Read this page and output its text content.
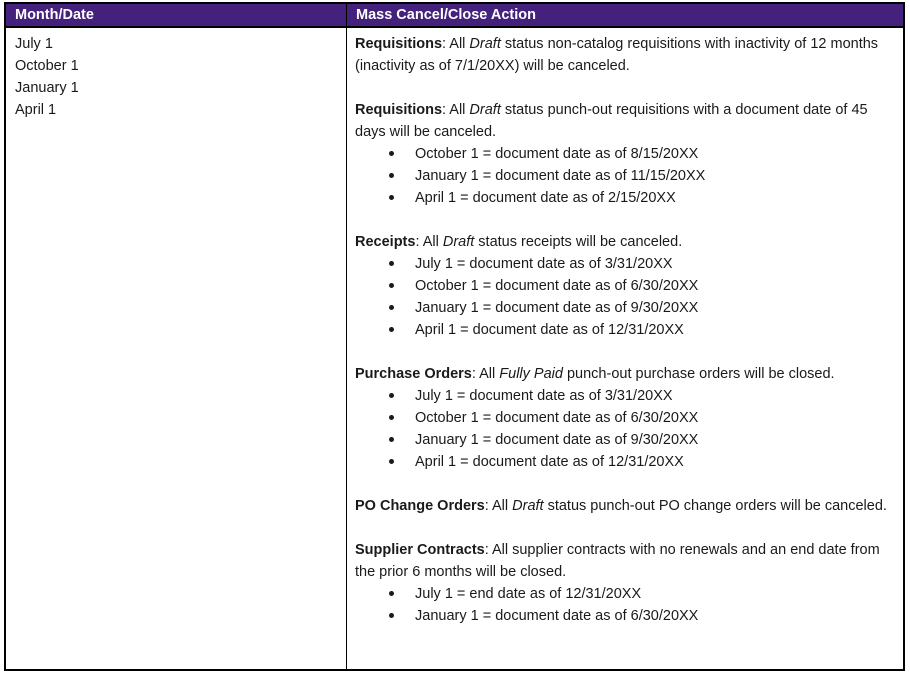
Month/Date	Mass Cancel/Close Action
July 1
October 1
January 1
April 1
Requisitions: All Draft status non-catalog requisitions with inactivity of 12 months (inactivity as of 7/1/20XX) will be canceled.
Requisitions: All Draft status punch-out requisitions with a document date of 45 days will be canceled.
October 1 = document date as of 8/15/20XX
January 1 = document date as of 11/15/20XX
April 1 = document date as of 2/15/20XX
Receipts: All Draft status receipts will be canceled.
July 1 = document date as of 3/31/20XX
October 1 = document date as of 6/30/20XX
January 1 = document date as of 9/30/20XX
April 1 = document date as of 12/31/20XX
Purchase Orders: All Fully Paid punch-out purchase orders will be closed.
July 1 = document date as of 3/31/20XX
October 1 = document date as of 6/30/20XX
January 1 = document date as of 9/30/20XX
April 1 = document date as of 12/31/20XX
PO Change Orders: All Draft status punch-out PO change orders will be canceled.
Supplier Contracts: All supplier contracts with no renewals and an end date from the prior 6 months will be closed.
July 1 = end date as of 12/31/20XX
January 1 = document date as of 6/30/20XX
